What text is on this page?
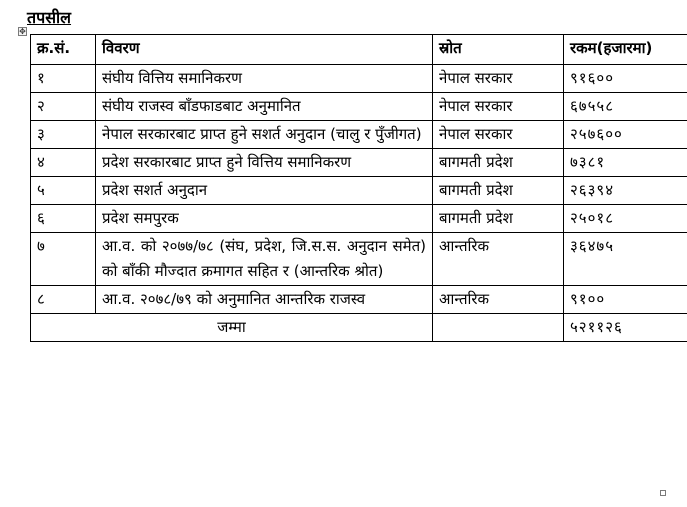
तपसील
✥
क्र.सं.	विवरण	स्रोत	रकम(हजारमा)
१	संघीय वित्तिय समानिकरण	नेपाल सरकार	९१६००
२	संघीय राजस्व बाँडफाडबाट अनुमानित	नेपाल सरकार	६७५५८
३	नेपाल सरकारबाट प्राप्त हुने सशर्त अनुदान (चालु र पुँजीगत)	नेपाल सरकार	२५७६००
४	प्रदेश सरकारबाट प्राप्त हुने वित्तिय समानिकरण	बागमती प्रदेश	७३८१
५	प्रदेश सशर्त अनुदान	बागमती प्रदेश	२६३९४
६	प्रदेश समपुरक	बागमती प्रदेश	२५०१८
७	आ.व. को २०७७/७८ (संघ, प्रदेश, जि.स.स. अनुदान समेत) को बाँकी मौज्दात क्रमागत सहित र (आन्तरिक श्रोत)	आन्तरिक	३६४७५
८	आ.व. २०७८/७९ को अनुमानित आन्तरिक राजस्व	आन्तरिक	९१००
जम्मा			५२११२६
